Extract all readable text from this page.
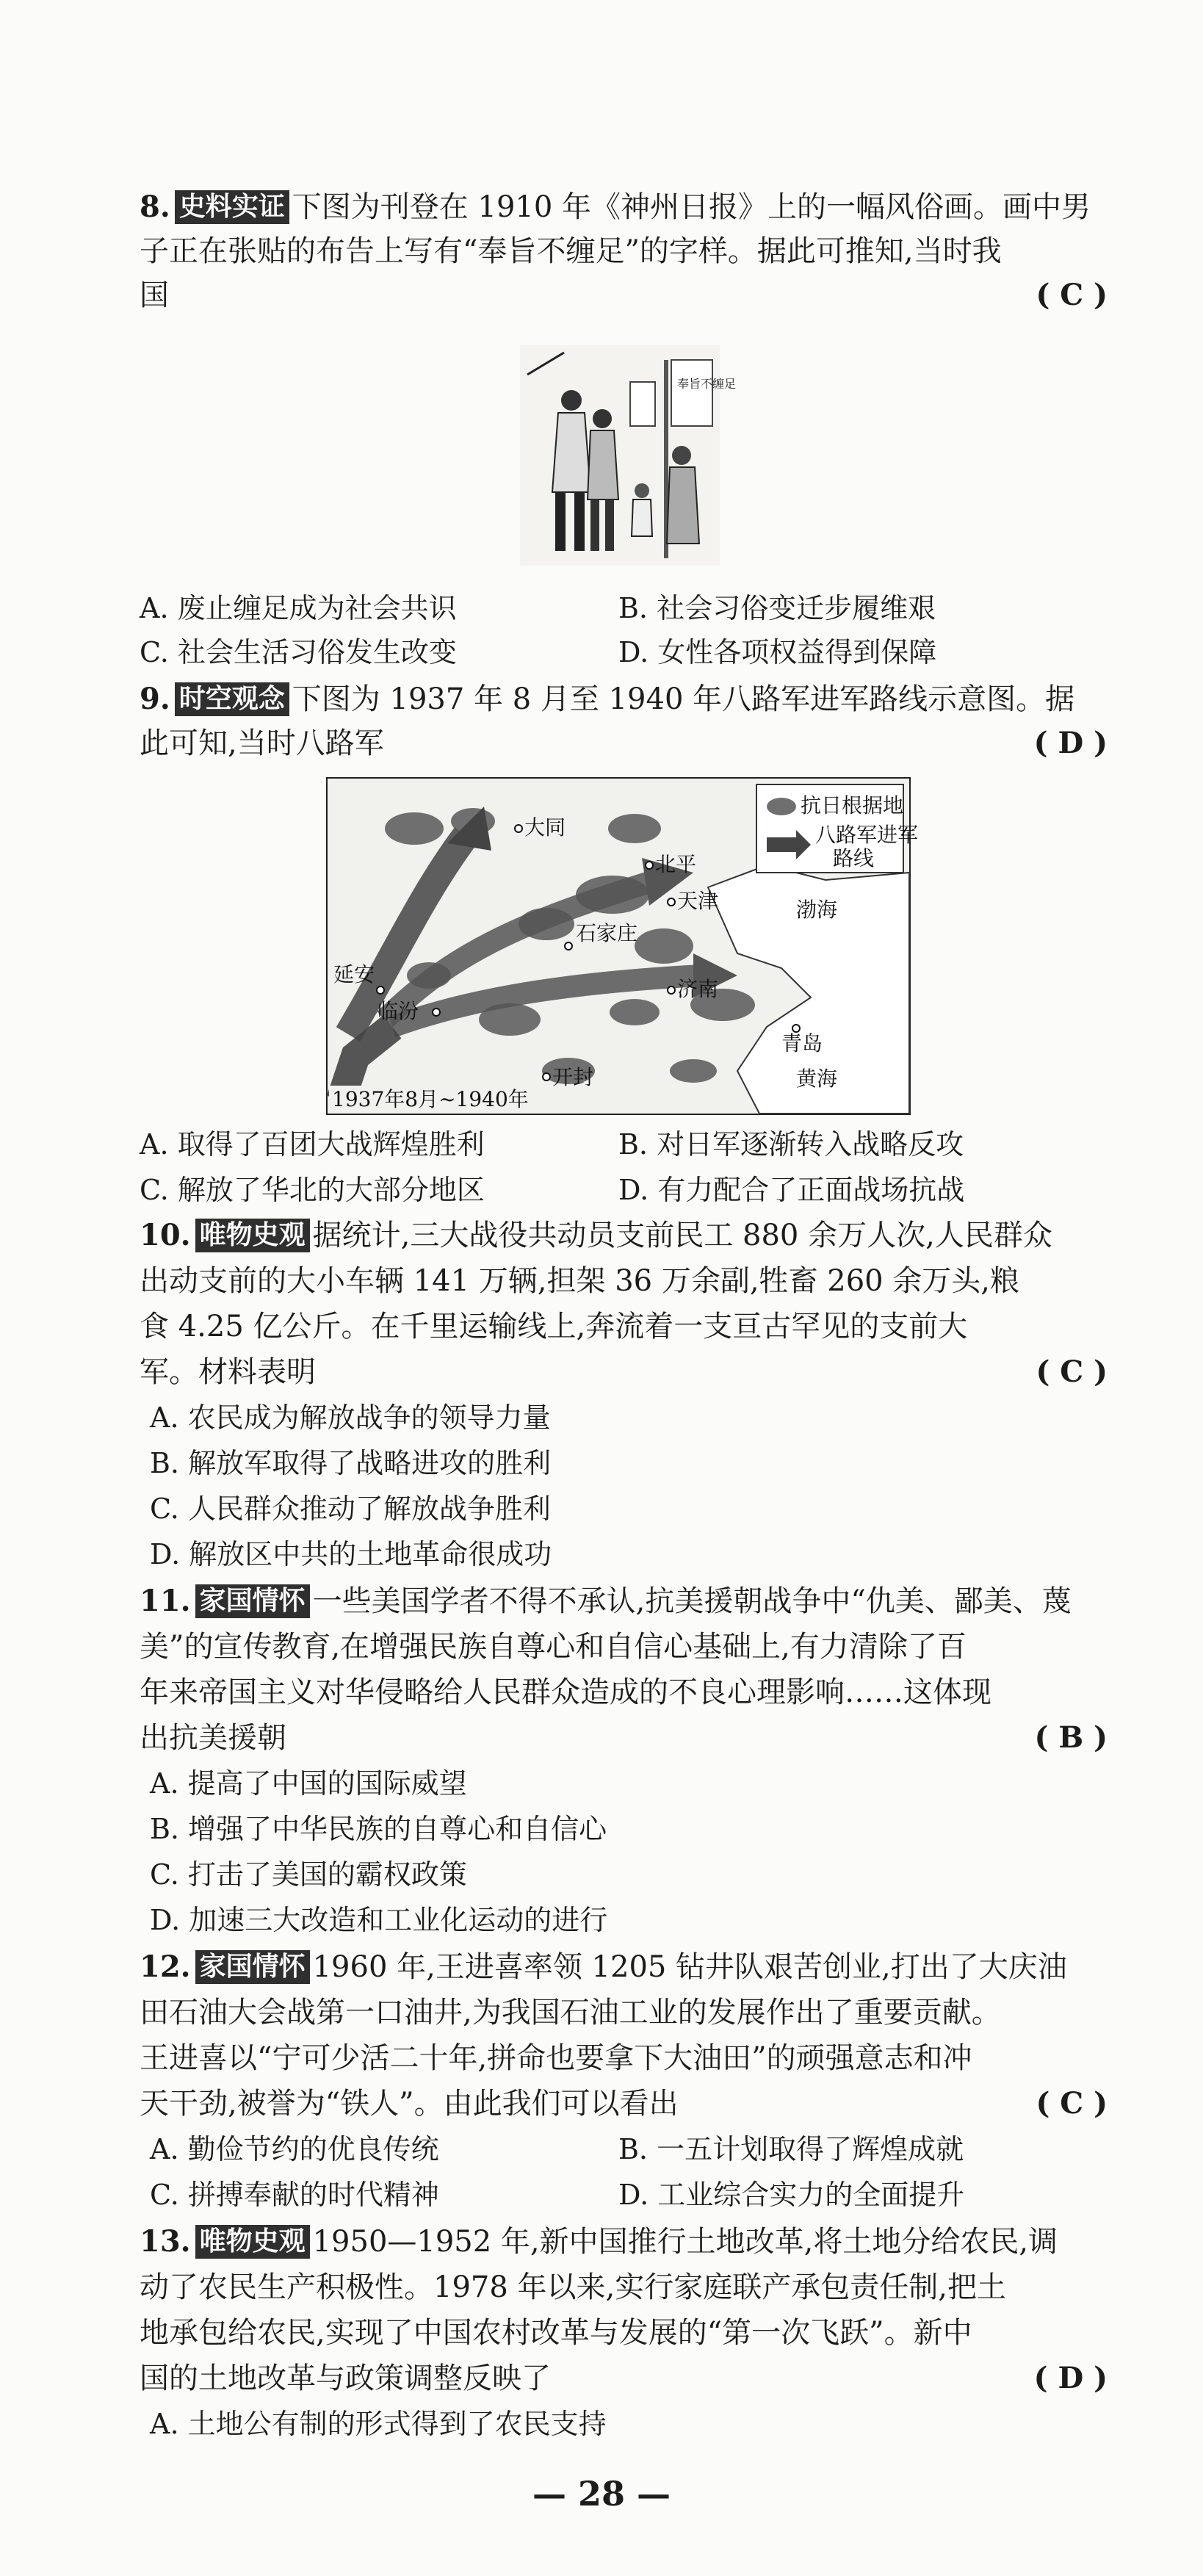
8. 史料实证 下图为刊登在 1910 年《神州日报》上的一幅风俗画。画中男
子正在张贴的布告上写有“奉旨不缠足”的字样。据此可推知,当时我
国	( C )
奉旨不缠足
A. 废止缠足成为社会共识	B. 社会习俗变迁步履维艰
C. 社会生活习俗发生改变	D. 女性各项权益得到保障
9. 时空观念 下图为 1937 年 8 月至 1940 年八路军进军路线示意图。据
此可知,当时八路军	( D )
抗日根据地
八路军进军
路线
大同
北平
天津
石家庄
济南
延安
临汾
开封
青岛
渤海
黄海
1937年8月~1940年
A. 取得了百团大战辉煌胜利	B. 对日军逐渐转入战略反攻
C. 解放了华北的大部分地区	D. 有力配合了正面战场抗战
10. 唯物史观 据统计,三大战役共动员支前民工 880 余万人次,人民群众
出动支前的大小车辆 141 万辆,担架 36 万余副,牲畜 260 余万头,粮
食 4.25 亿公斤。在千里运输线上,奔流着一支亘古罕见的支前大
军。材料表明	( C )
A. 农民成为解放战争的领导力量
B. 解放军取得了战略进攻的胜利
C. 人民群众推动了解放战争胜利
D. 解放区中共的土地革命很成功
11. 家国情怀 一些美国学者不得不承认,抗美援朝战争中“仇美、鄙美、蔑
美”的宣传教育,在增强民族自尊心和自信心基础上,有力清除了百
年来帝国主义对华侵略给人民群众造成的不良心理影响……这体现
出抗美援朝	( B )
A. 提高了中国的国际威望
B. 增强了中华民族的自尊心和自信心
C. 打击了美国的霸权政策
D. 加速三大改造和工业化运动的进行
12. 家国情怀 1960 年,王进喜率领 1205 钻井队艰苦创业,打出了大庆油
田石油大会战第一口油井,为我国石油工业的发展作出了重要贡献。
王进喜以“宁可少活二十年,拼命也要拿下大油田”的顽强意志和冲
天干劲,被誉为“铁人”。由此我们可以看出	( C )
A. 勤俭节约的优良传统	B. 一五计划取得了辉煌成就
C. 拼搏奉献的时代精神	D. 工业综合实力的全面提升
13. 唯物史观 1950—1952 年,新中国推行土地改革,将土地分给农民,调
动了农民生产积极性。1978 年以来,实行家庭联产承包责任制,把土
地承包给农民,实现了中国农村改革与发展的“第一次飞跃”。新中
国的土地改革与政策调整反映了	( D )
A. 土地公有制的形式得到了农民支持
— 28 —
